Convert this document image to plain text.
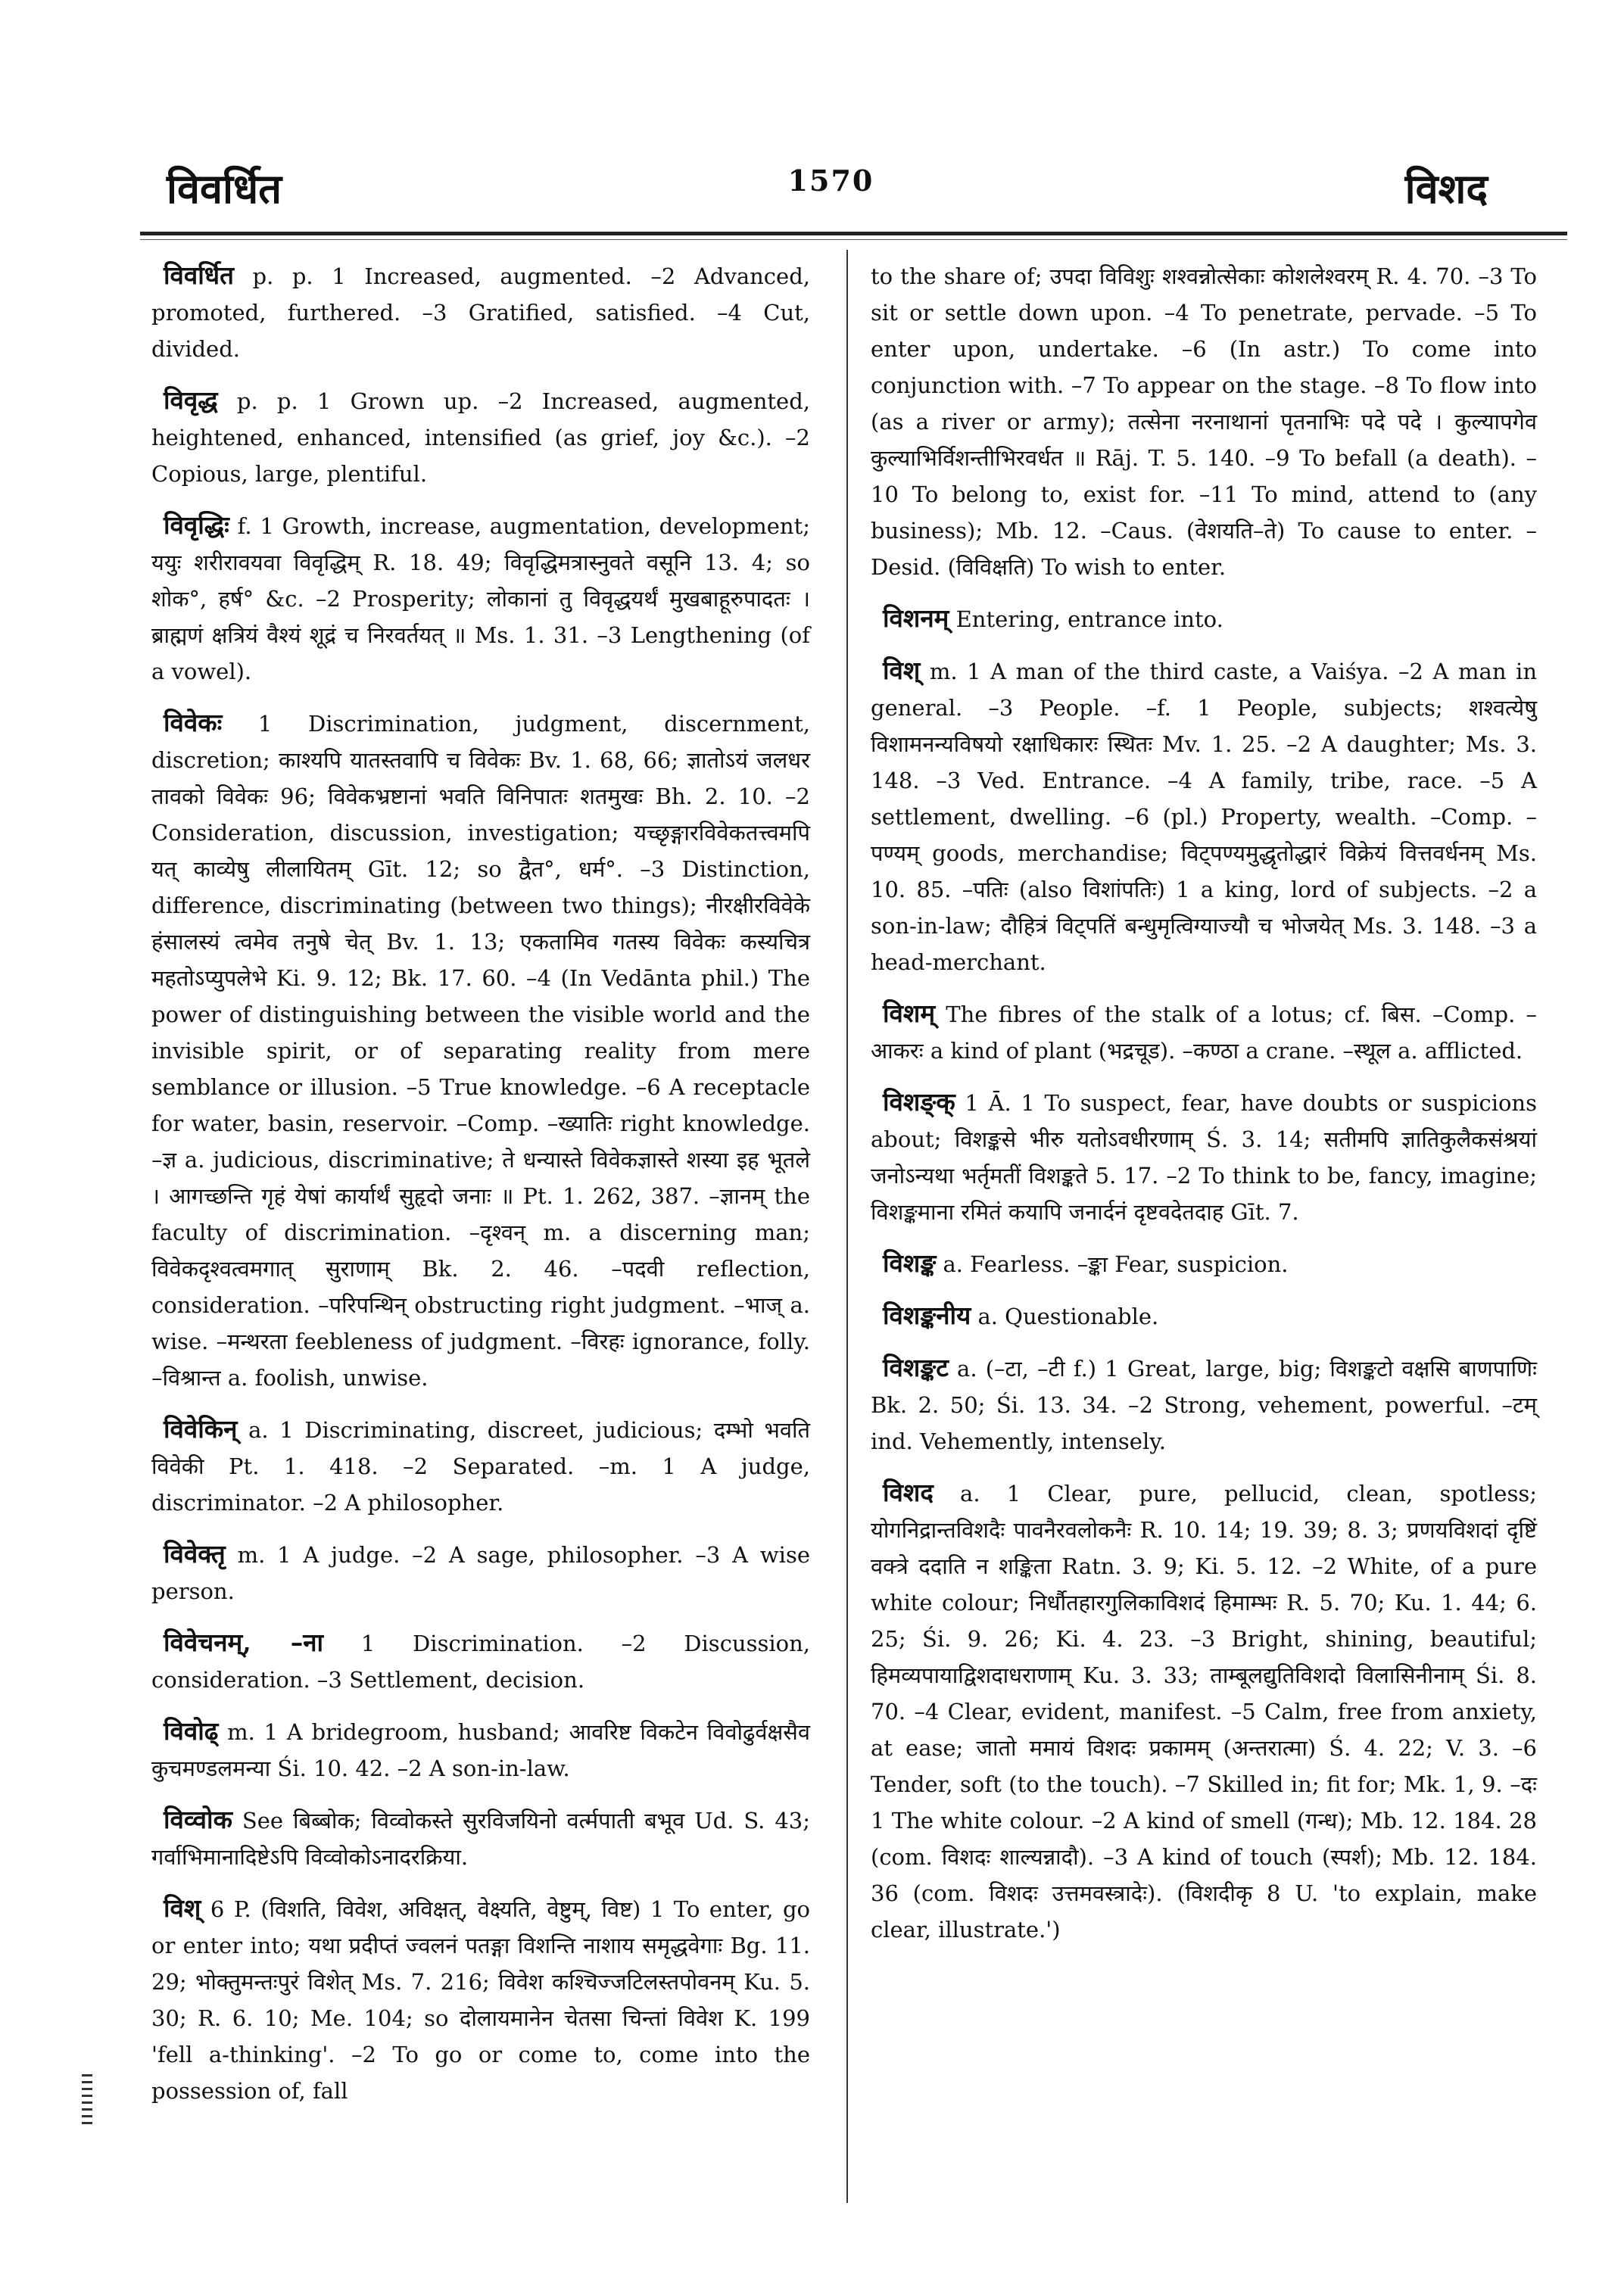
विवर्धित	1570	विशद

विवर्धित p. p. 1 Increased, augmented. –2 Advanced, promoted, furthered. –3 Gratified, satisfied. –4 Cut, divided.

विवृद्ध p. p. 1 Grown up. –2 Increased, augmented, heightened, enhanced, intensified (as grief, joy &c.). –2 Copious, large, plentiful.

विवृद्धिः f. 1 Growth, increase, augmentation, development; ययुः शरीरावयवा विवृद्धिम् R. 18. 49; विवृद्धिमत्रास्नुवते वसूनि 13. 4; so शोक°, हर्ष° &c. –2 Prosperity; लोकानां तु विवृद्धयर्थं मुखबाहूरुपादतः । ब्राह्मणं क्षत्रियं वैश्यं शूद्रं च निरवर्तयत् ॥ Ms. 1. 31. –3 Lengthening (of a vowel).

विवेकः 1 Discrimination, judgment, discernment, discretion; काश्यपि यातस्तवापि च विवेकः Bv. 1. 68, 66; ज्ञातोऽयं जलधर तावको विवेकः 96; विवेकभ्रष्टानां भवति विनिपातः शतमुखः Bh. 2. 10. –2 Consideration, discussion, investigation; यच्छृङ्गारविवेकतत्त्वमपि यत् काव्येषु लीलायितम् Gīt. 12; so द्वैत°, धर्म°. –3 Distinction, difference, discriminating (between two things); नीरक्षीरविवेके हंसालस्यं त्वमेव तनुषे चेत् Bv. 1. 13; एकतामिव गतस्य विवेकः कस्यचित्र महतोऽप्युपलेभे Ki. 9. 12; Bk. 17. 60. –4 (In Vedānta phil.) The power of distinguishing between the visible world and the invisible spirit, or of separating reality from mere semblance or illusion. –5 True knowledge. –6 A receptacle for water, basin, reservoir. –Comp. –ख्यातिः right knowledge. –ज्ञ a. judicious, discriminative; ते धन्यास्ते विवेकज्ञास्ते शस्या इह भूतले । आगच्छन्ति गृहं येषां कार्यार्थं सुहृदो जनाः ॥ Pt. 1. 262, 387. –ज्ञानम् the faculty of discrimination. –दृश्वन् m. a discerning man; विवेकदृश्वत्वमगात् सुराणाम् Bk. 2. 46. –पदवी reflection, consideration. –परिपन्थिन् obstructing right judgment. –भाज् a. wise. –मन्थरता feebleness of judgment. –विरहः ignorance, folly. –विश्रान्त a. foolish, unwise.

विवेकिन् a. 1 Discriminating, discreet, judicious; दम्भो भवति विवेकी Pt. 1. 418. –2 Separated. –m. 1 A judge, discriminator. –2 A philosopher.

विवेक्तृ m. 1 A judge. –2 A sage, philosopher. –3 A wise person.

विवेचनम्, –ना 1 Discrimination. –2 Discussion, consideration. –3 Settlement, decision.

विवोढ् m. 1 A bridegroom, husband; आवरिष्ट विकटेन विवोढुर्वक्षसैव कुचमण्डलमन्या Śi. 10. 42. –2 A son-in-law.

विव्वोक See बिब्बोक; विव्वोकस्ते सुरविजयिनो वर्त्मपाती बभूव Ud. S. 43; गर्वाभिमानादिष्टेऽपि विव्वोकोऽनादरक्रिया.

विश् 6 P. (विशति, विवेश, अविक्षत्, वेक्ष्यति, वेष्टुम्, विष्ट) 1 To enter, go or enter into; यथा प्रदीप्तं ज्वलनं पतङ्गा विशन्ति नाशाय समृद्धवेगाः Bg. 11. 29; भोक्तुमन्तःपुरं विशेत् Ms. 7. 216; विवेश कश्चिज्जटिलस्तपोवनम् Ku. 5. 30; R. 6. 10; Me. 104; so दोलायमानेन चेतसा चिन्तां विवेश K. 199 'fell a-thinking'. –2 To go or come to, come into the possession of, fall

to the share of; उपदा विविशुः शश्वन्नोत्सेकाः कोशलेश्वरम् R. 4. 70. –3 To sit or settle down upon. –4 To penetrate, pervade. –5 To enter upon, undertake. –6 (In astr.) To come into conjunction with. –7 To appear on the stage. –8 To flow into (as a river or army); तत्सेना नरनाथानां पृतनाभिः पदे पदे । कुल्यापगेव कुल्याभिर्विशन्तीभिरवर्धत ॥ Rāj. T. 5. 140. –9 To befall (a death). –10 To belong to, exist for. –11 To mind, attend to (any business); Mb. 12. –Caus. (वेशयति–ते) To cause to enter. –Desid. (विविक्षति) To wish to enter.

विशनम् Entering, entrance into.

विश् m. 1 A man of the third caste, a Vaiśya. –2 A man in general. –3 People. –f. 1 People, subjects; शश्वत्येषु विशामनन्यविषयो रक्षाधिकारः स्थितः Mv. 1. 25. –2 A daughter; Ms. 3. 148. –3 Ved. Entrance. –4 A family, tribe, race. –5 A settlement, dwelling. –6 (pl.) Property, wealth. –Comp. –पण्यम् goods, merchandise; विट्पण्यमुद्धृतोद्धारं विक्रेयं वित्तवर्धनम् Ms. 10. 85. –पतिः (also विशांपतिः) 1 a king, lord of subjects. –2 a son-in-law; दौहित्रं विट्पतिं बन्धुमृत्विग्याज्यौ च भोजयेत् Ms. 3. 148. –3 a head-merchant.

विशम् The fibres of the stalk of a lotus; cf. बिस. –Comp. –आकरः a kind of plant (भद्रचूड). –कण्ठा a crane. –स्थूल a. afflicted.

विशङ्क् 1 Ā. 1 To suspect, fear, have doubts or suspicions about; विशङ्कसे भीरु यतोऽवधीरणाम् Ś. 3. 14; सतीमपि ज्ञातिकुलैकसंश्रयां जनोऽन्यथा भर्तृमतीं विशङ्कते 5. 17. –2 To think to be, fancy, imagine; विशङ्कमाना रमितं कयापि जनार्दनं दृष्टवदेतदाह Gīt. 7.

विशङ्क a. Fearless. –ङ्का Fear, suspicion.

विशङ्कनीय a. Questionable.

विशङ्कट a. (–टा, –टी f.) 1 Great, large, big; विशङ्कटो वक्षसि बाणपाणिः Bk. 2. 50; Śi. 13. 34. –2 Strong, vehement, powerful. –टम् ind. Vehemently, intensely.

विशद a. 1 Clear, pure, pellucid, clean, spotless; योगनिद्रान्तविशदैः पावनैरवलोकनैः R. 10. 14; 19. 39; 8. 3; प्रणयविशदां दृष्टिं वक्त्रे ददाति न शङ्किता Ratn. 3. 9; Ki. 5. 12. –2 White, of a pure white colour; निर्धौतहारगुलिकाविशदं हिमाम्भः R. 5. 70; Ku. 1. 44; 6. 25; Śi. 9. 26; Ki. 4. 23. –3 Bright, shining, beautiful; हिमव्यपायाद्विशदाधराणाम् Ku. 3. 33; ताम्बूलद्युतिविशदो विलासिनीनाम् Śi. 8. 70. –4 Clear, evident, manifest. –5 Calm, free from anxiety, at ease; जातो ममायं विशदः प्रकामम् (अन्तरात्मा) Ś. 4. 22; V. 3. –6 Tender, soft (to the touch). –7 Skilled in; fit for; Mk. 1, 9. –दः 1 The white colour. –2 A kind of smell (गन्ध); Mb. 12. 184. 28 (com. विशदः शाल्यन्नादौ). –3 A kind of touch (स्पर्श); Mb. 12. 184. 36 (com. विशदः उत्तमवस्त्रादेः). (विशदीकृ 8 U. 'to explain, make clear, illustrate.')
